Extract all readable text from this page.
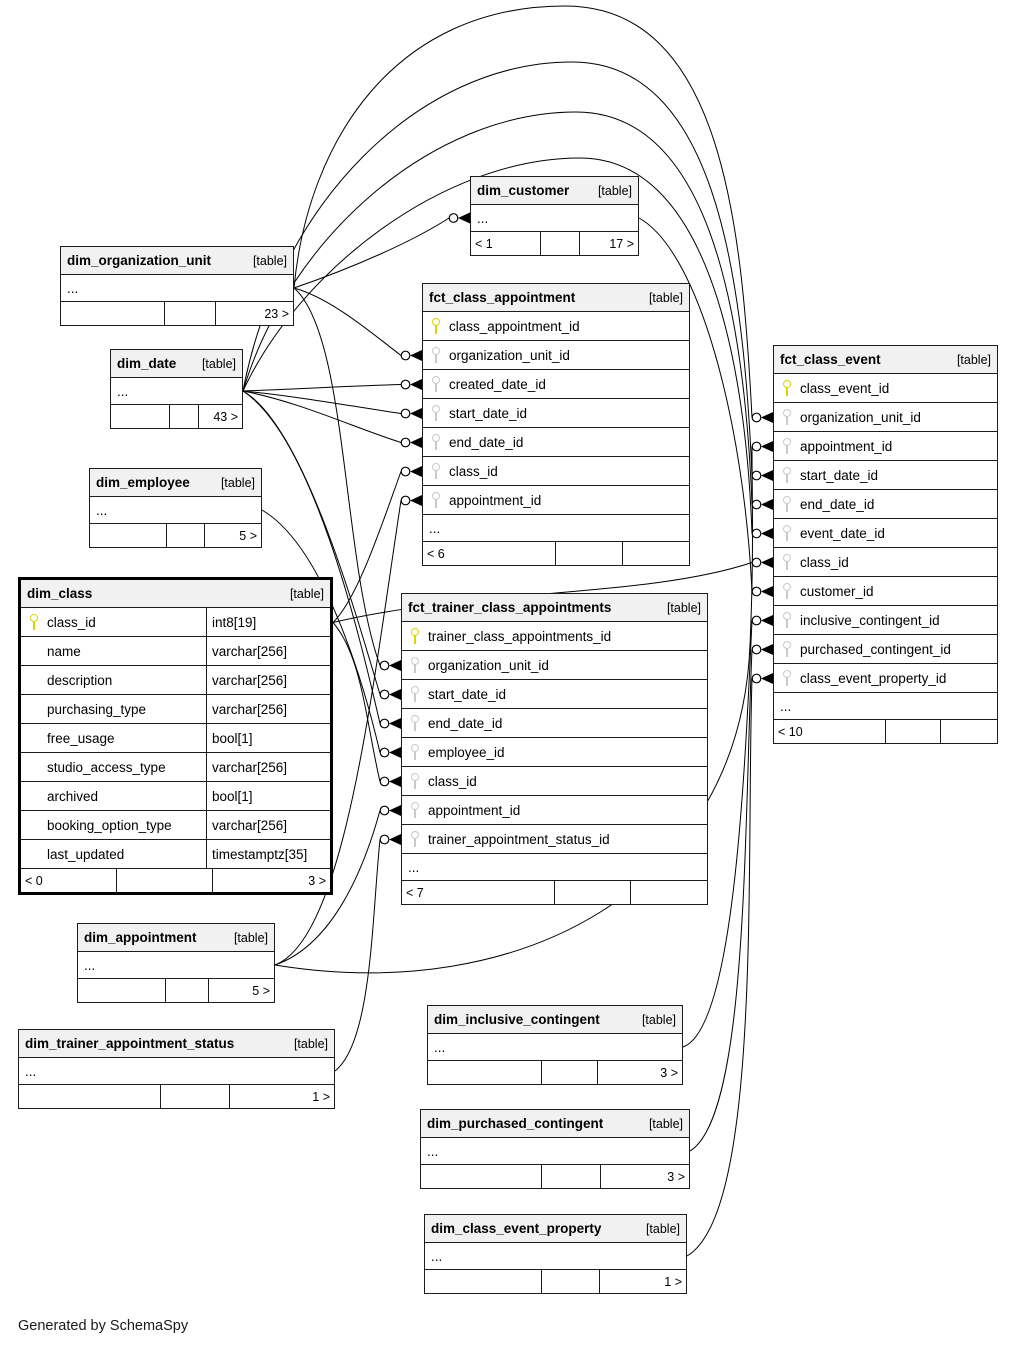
dim_customer [table]
...
< 1	17 >
dim_organization_unit	[table]
...
23 >
dim_date [table]
...
43 >
dim_employee [table]
...
5 >
dim_class	[table]
class_id	int8[19]
name	varchar[256]
description	varchar[256]
purchasing_type	varchar[256]
free_usage	bool[1]
studio_access_type	varchar[256]
archived	bool[1]
booking_option_type	varchar[256]
last_updated	timestamptz[35]
< 0	3 >
fct_class_appointment	[table]
class_appointment_id
organization_unit_id
created_date_id
start_date_id
end_date_id
class_id
appointment_id
...
< 6
fct_trainer_class_appointments	[table]
trainer_class_appointments_id
organization_unit_id
start_date_id
end_date_id
employee_id
class_id
appointment_id
trainer_appointment_status_id
...
< 7
fct_class_event	[table]
class_event_id
organization_unit_id
appointment_id
start_date_id
end_date_id
event_date_id
class_id
customer_id
inclusive_contingent_id
purchased_contingent_id
class_event_property_id
...
< 10
dim_appointment	[table]
...
5 >
dim_trainer_appointment_status	[table]
...
1 >
dim_inclusive_contingent	[table]
...
3 >
dim_purchased_contingent	[table]
...
3 >
dim_class_event_property	[table]
...
1 >
Generated by SchemaSpy
